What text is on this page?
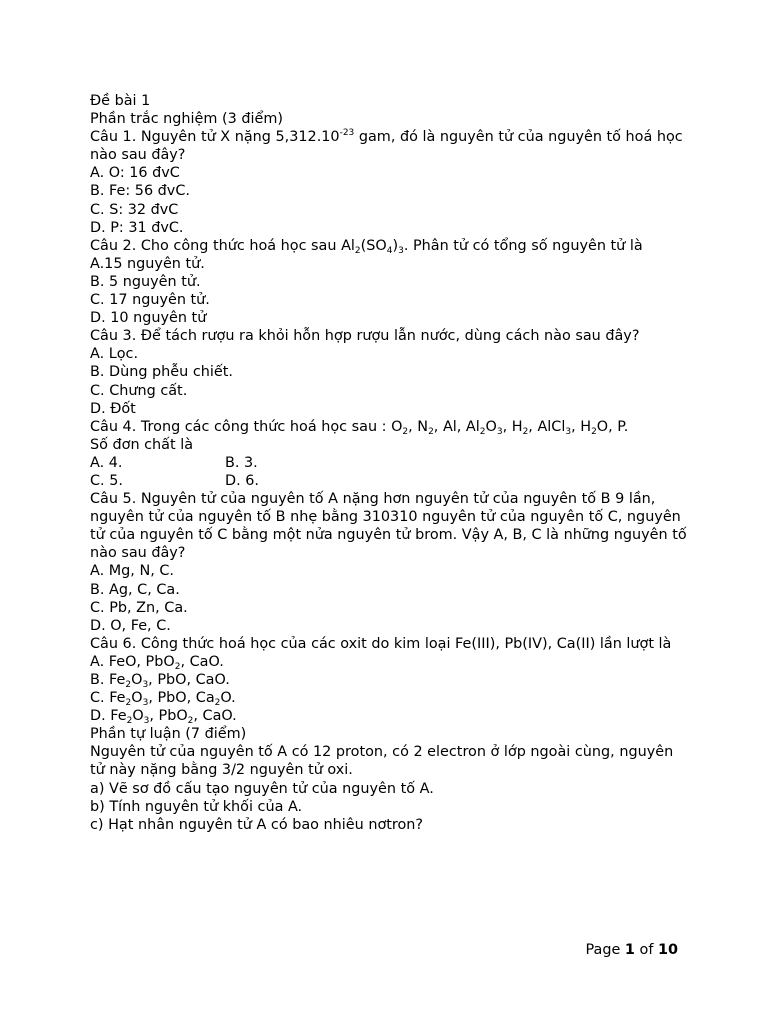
Đề bài 1
Phần trắc nghiệm (3 điểm)
Câu 1. Nguyên tử X nặng $5,312.10^{-23}$ gam, đó là nguyên tử của nguyên tố hoá học nào sau đây?
A. O: 16 đvC
B. Fe: 56 đvC.
C. S: 32 đvC
D. P: 31 đvC.
Câu 2. Cho công thức hoá học sau $Al_2(SO_4)_3$. Phân tử có tổng số nguyên tử là
A.15 nguyên tử.
B. 5 nguyên tử.
C. 17 nguyên tử.
D. 10 nguyên tử
Câu 3. Để tách rượu ra khỏi hỗn hợp rượu lẫn nước, dùng cách nào sau đây?
A. Lọc.
B. Dùng phễu chiết.
C. Chưng cất.
D. Đốt
Câu 4. Trong các công thức hoá học sau : $O_2$, $N_2$, Al, $Al_2O_3$, $H_2$, AlCl$_3$, $H_2O$, P.
Số đơn chất là
A. 4.	B. 3.
C. 5.	D. 6.
Câu 5. Nguyên tử của nguyên tố A nặng hơn nguyên tử của nguyên tố B 9 lần, nguyên tử của nguyên tố B nhẹ bằng 310310 nguyên tử của nguyên tố C, nguyên tử của nguyên tố C bằng một nửa nguyên tử brom. Vậy A, B, C là những nguyên tố nào sau đây?
A. Mg, N, C.
B. Ag, C, Ca.
C. Pb, Zn, Ca.
D. O, Fe, C.
Câu 6. Công thức hoá học của các oxit do kim loại Fe(III), Pb(IV), Ca(II) lần lượt là
A. FeO, PbO$_2$, CaO.
B. $Fe_2O_3$, PbO, CaO.
C. $Fe_2O_3$, PbO, $Ca_2O$.
D. $Fe_2O_3$, PbO$_2$, CaO.
Phần tự luận (7 điểm)
Nguyên tử của nguyên tố A có 12 proton, có 2 electron ở lớp ngoài cùng, nguyên tử này nặng bằng 3/2 nguyên tử oxi.
a) Vẽ sơ đồ cấu tạo nguyên tử của nguyên tố A.
b) Tính nguyên tử khối của A.
c) Hạt nhân nguyên tử A có bao nhiêu nơtron?
Page 1 of 10
